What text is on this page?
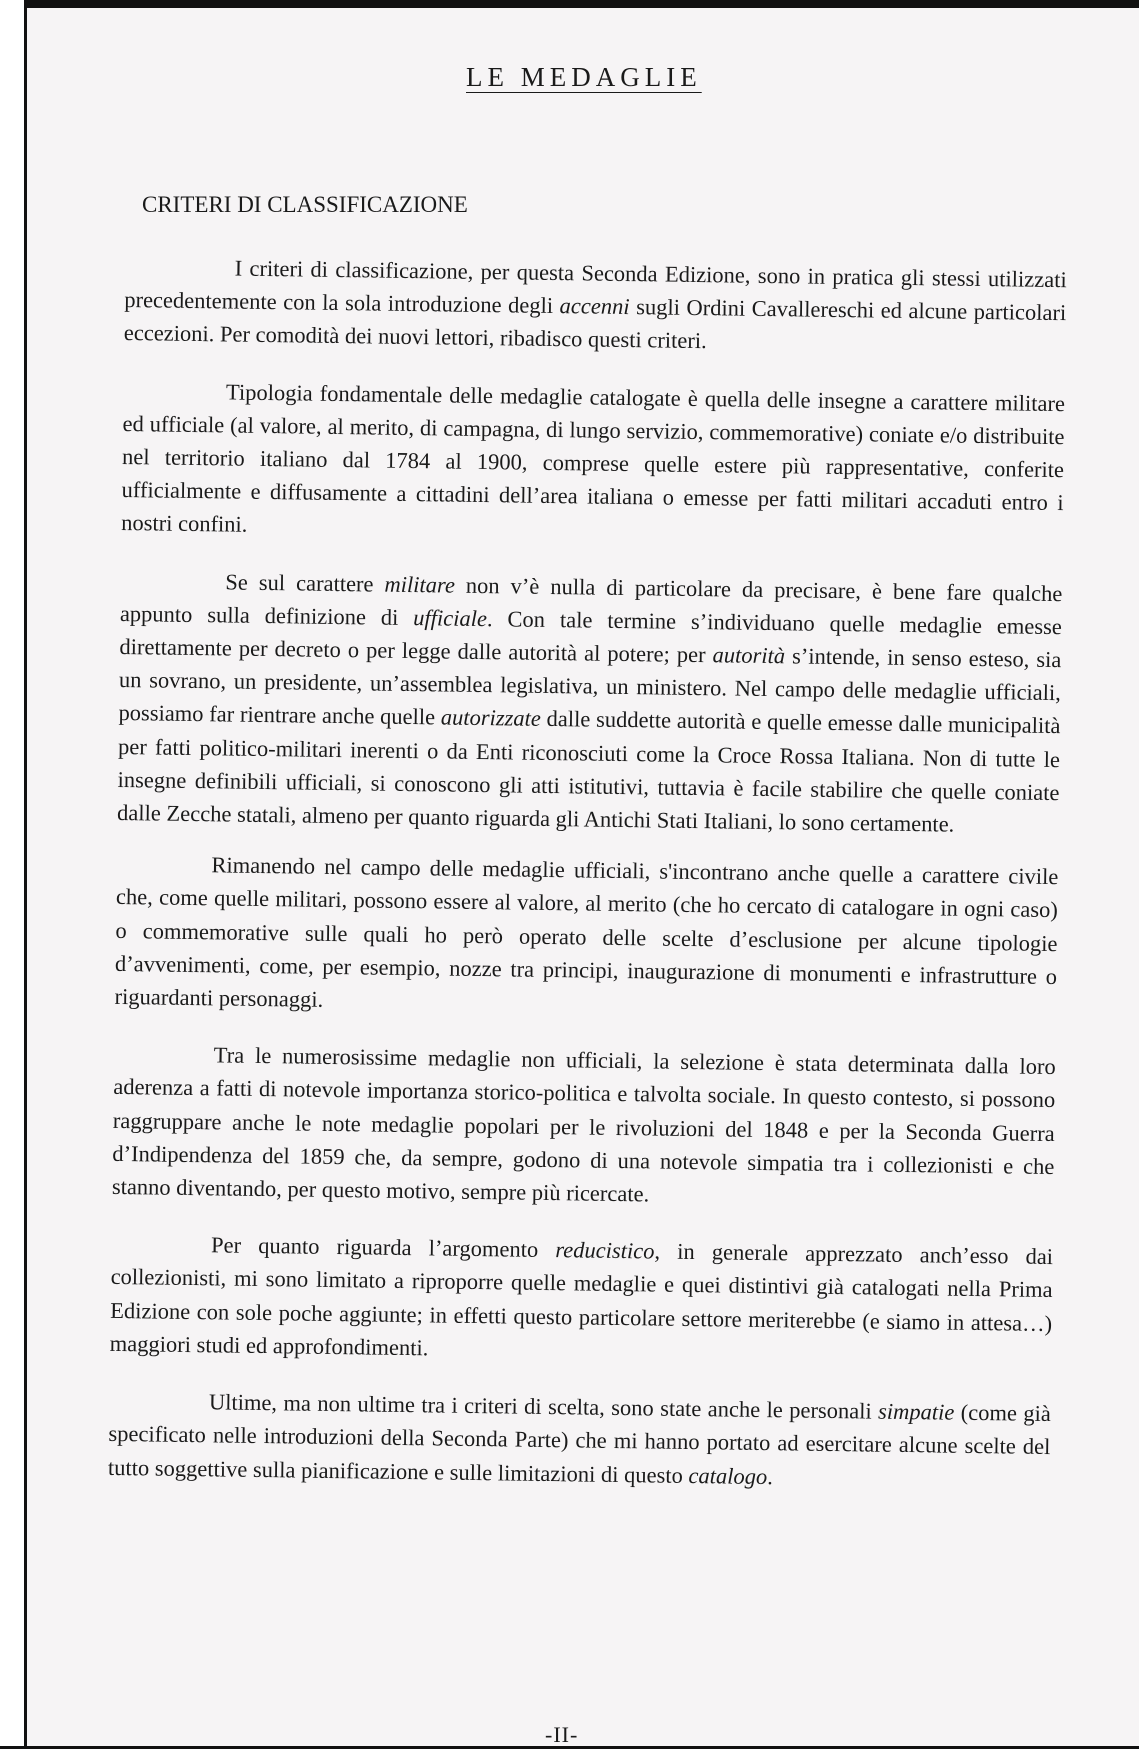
LE MEDAGLIE
CRITERI DI CLASSIFICAZIONE

I criteri di classificazione, per questa Seconda Edizione, sono in pratica gli stessi utilizzati precedentemente con la sola introduzione degli accenni sugli Ordini Cavallereschi ed alcune particolari eccezioni. Per comodità dei nuovi lettori, ribadisco questi criteri.

Tipologia fondamentale delle medaglie catalogate è quella delle insegne a carattere militare ed ufficiale (al valore, al merito, di campagna, di lungo servizio, commemorative) coniate e/o distribuite nel territorio italiano dal 1784 al 1900, comprese quelle estere più rappresentative, conferite ufficialmente e diffusamente a cittadini dell’area italiana o emesse per fatti militari accaduti entro i nostri confini.

Se sul carattere militare non v’è nulla di particolare da precisare, è bene fare qualche appunto sulla definizione di ufficiale. Con tale termine s’individuano quelle medaglie emesse direttamente per decreto o per legge dalle autorità al potere; per autorità s’intende, in senso esteso, sia un sovrano, un presidente, un’assemblea legislativa, un ministero. Nel campo delle medaglie ufficiali, possiamo far rientrare anche quelle autorizzate dalle suddette autorità e quelle emesse dalle municipalità per fatti politico-militari inerenti o da Enti riconosciuti come la Croce Rossa Italiana. Non di tutte le insegne definibili ufficiali, si conoscono gli atti istitutivi, tuttavia è facile stabilire che quelle coniate dalle Zecche statali, almeno per quanto riguarda gli Antichi Stati Italiani, lo sono certamente.

Rimanendo nel campo delle medaglie ufficiali, s'incontrano anche quelle a carattere civile che, come quelle militari, possono essere al valore, al merito (che ho cercato di catalogare in ogni caso) o commemorative sulle quali ho però operato delle scelte d’esclusione per alcune tipologie d’avvenimenti, come, per esempio, nozze tra principi, inaugurazione di monumenti e infrastrutture o riguardanti personaggi.

Tra le numerosissime medaglie non ufficiali, la selezione è stata determinata dalla loro aderenza a fatti di notevole importanza storico-politica e talvolta sociale. In questo contesto, si possono raggruppare anche le note medaglie popolari per le rivoluzioni del 1848 e per la Seconda Guerra d’Indipendenza del 1859 che, da sempre, godono di una notevole simpatia tra i collezionisti e che stanno diventando, per questo motivo, sempre più ricercate.

Per quanto riguarda l’argomento reducistico, in generale apprezzato anch’esso dai collezionisti, mi sono limitato a riproporre quelle medaglie e quei distintivi già catalogati nella Prima Edizione con sole poche aggiunte; in effetti questo particolare settore meriterebbe (e siamo in attesa…) maggiori studi ed approfondimenti.

Ultime, ma non ultime tra i criteri di scelta, sono state anche le personali simpatie (come già specificato nelle introduzioni della Seconda Parte) che mi hanno portato ad esercitare alcune scelte del tutto soggettive sulla pianificazione e sulle limitazioni di questo catalogo.

-II-
